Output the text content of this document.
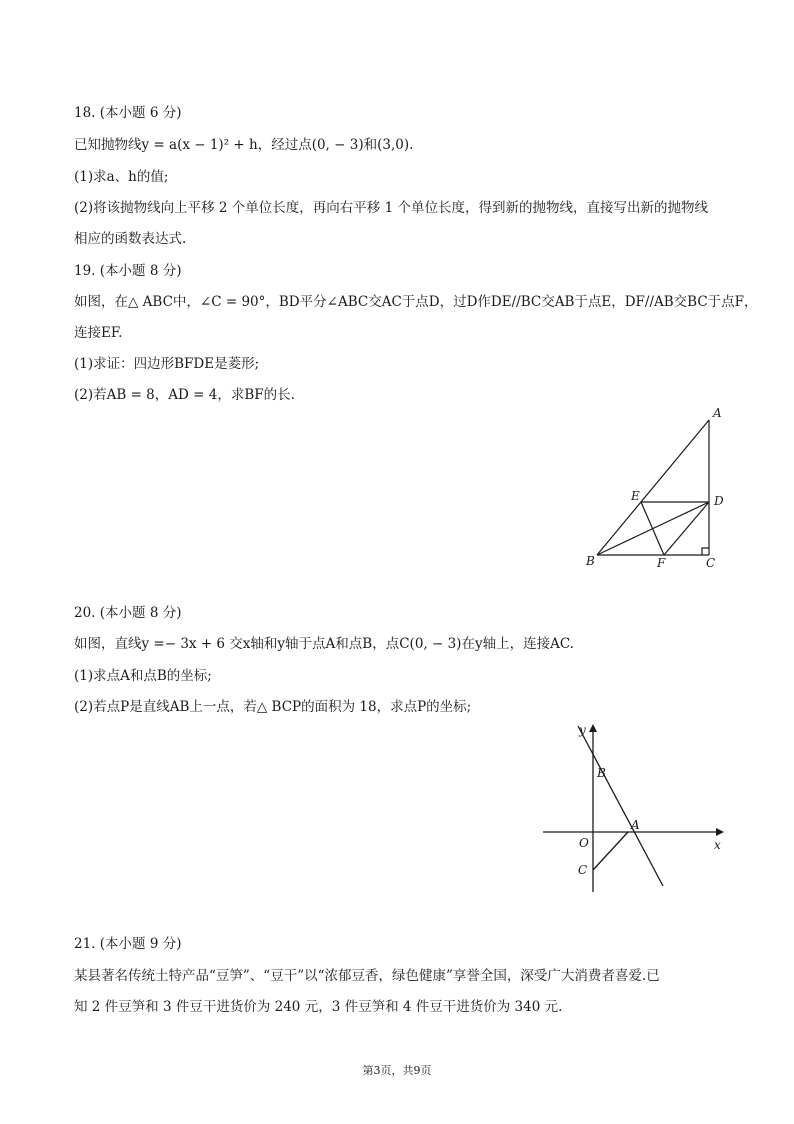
18. (本小题 6 分)
已知抛物线y = a(x − 1)² + h，经过点(0, − 3)和(3,0).
(1)求a、h的值;
(2)将该抛物线向上平移 2 个单位长度，再向右平移 1 个单位长度，得到新的抛物线，直接写出新的抛物线
相应的函数表达式.
19. (本小题 8 分)
如图，在△ ABC中，∠C = 90°，BD平分∠ABC交AC于点D，过D作DE//BC交AB于点E，DF//AB交BC于点F，
连接EF.
(1)求证：四边形BFDE是菱形;
(2)若AB = 8，AD = 4，求BF的长.
A
B	C
D
E
F
20. (本小题 8 分)
如图，直线y =− 3x + 6 交x轴和y轴于点A和点B，点C(0, − 3)在y轴上，连接AC.
(1)求点A和点B的坐标;
(2)若点P是直线AB上一点，若△ BCP的面积为 18，求点P的坐标;
y
x
O
A
B
C
21. (本小题 9 分)
某县著名传统土特产品“豆笋”、“豆干”以“浓郁豆香，绿色健康”享誉全国，深受广大消费者喜爱.已
知 2 件豆笋和 3 件豆干进货价为 240 元，3 件豆笋和 4 件豆干进货价为 340 元.
第3页，共9页
